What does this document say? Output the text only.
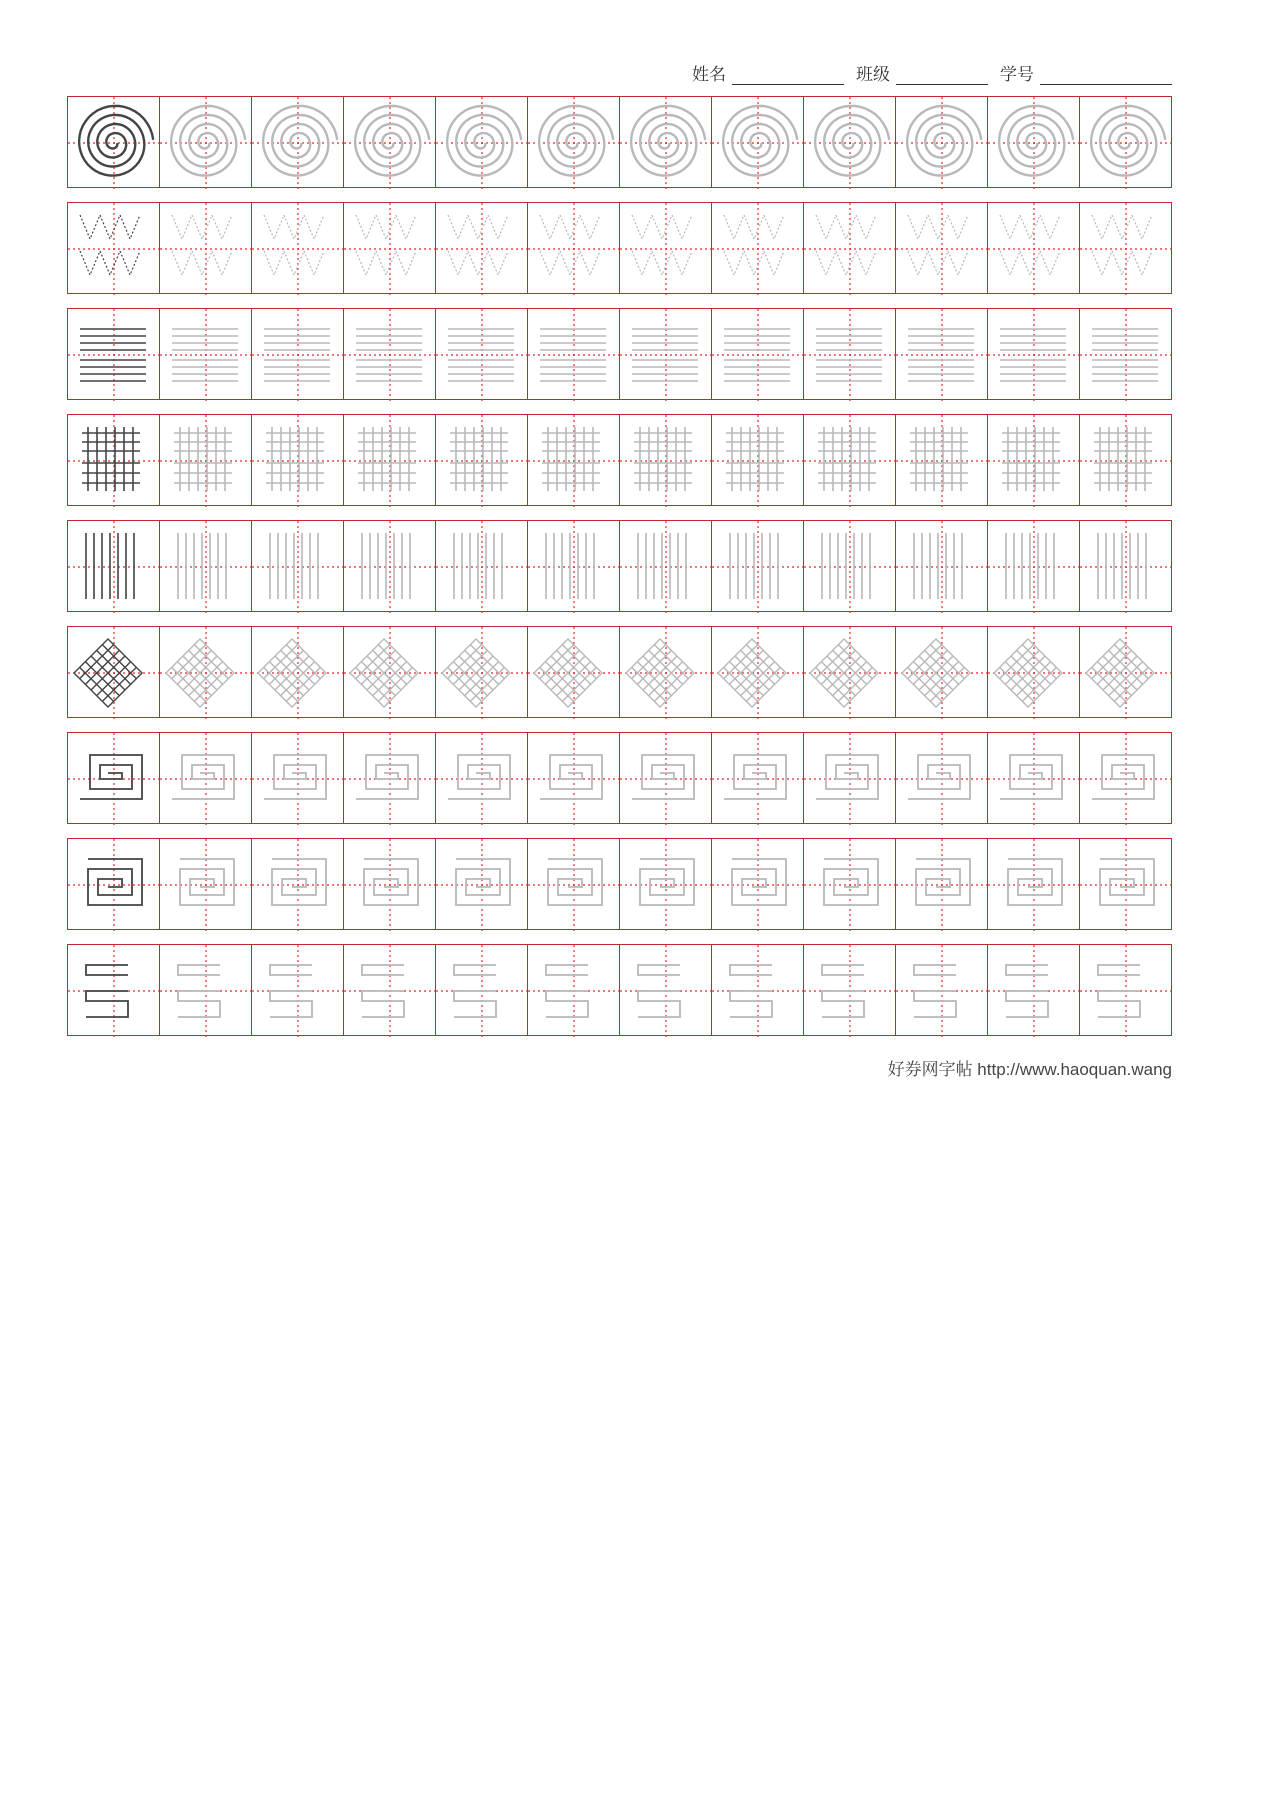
姓名	班级	学号
好券网字帖 http://www.haoquan.wang
